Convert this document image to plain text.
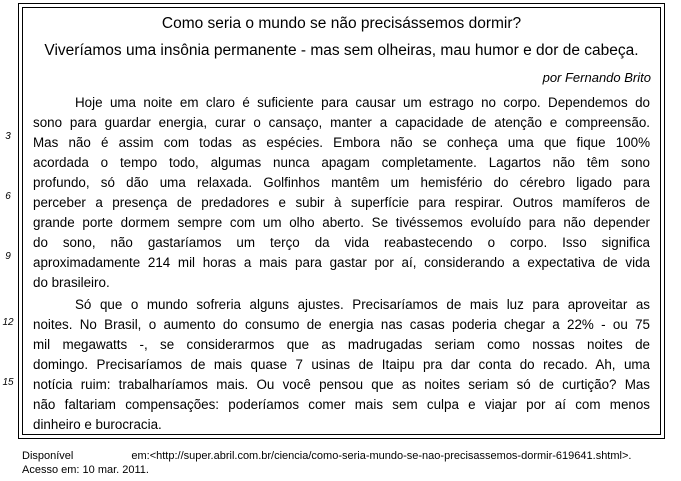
3
6
9
12
15
Como seria o mundo se não precisássemos dormir?
Viveríamos uma insônia permanente - mas sem olheiras, mau humor e dor de cabeça.
por Fernando Brito
Hoje uma noite em claro é suficiente para causar um estrago no corpo. Dependemos do
sono para guardar energia, curar o cansaço, manter a capacidade de atenção e compreensão.
Mas não é assim com todas as espécies. Embora não se conheça uma que fique 100%
acordada o tempo todo, algumas nunca apagam completamente. Lagartos não têm sono
profundo, só dão uma relaxada. Golfinhos mantêm um hemisfério do cérebro ligado para
perceber a presença de predadores e subir à superfície para respirar. Outros mamíferos de
grande porte dormem sempre com um olho aberto. Se tivéssemos evoluído para não depender
do sono, não gastaríamos um terço da vida reabastecendo o corpo. Isso significa
aproximadamente 214 mil horas a mais para gastar por aí, considerando a expectativa de vida
do brasileiro.
Só que o mundo sofreria alguns ajustes. Precisaríamos de mais luz para aproveitar as
noites. No Brasil, o aumento do consumo de energia nas casas poderia chegar a 22% - ou 75
mil megawatts -, se considerarmos que as madrugadas seriam como nossas noites de
domingo. Precisaríamos de mais quase 7 usinas de Itaipu pra dar conta do recado. Ah, uma
notícia ruim: trabalharíamos mais. Ou você pensou que as noites seriam só de curtição? Mas
não faltariam compensações: poderíamos comer mais sem culpa e viajar por aí com menos
dinheiro e burocracia.
Disponível	em:<http://super.abril.com.br/ciencia/como-seria-mundo-se-nao-precisassemos-dormir-619641.shtml>.
Acesso em: 10 mar. 2011.
